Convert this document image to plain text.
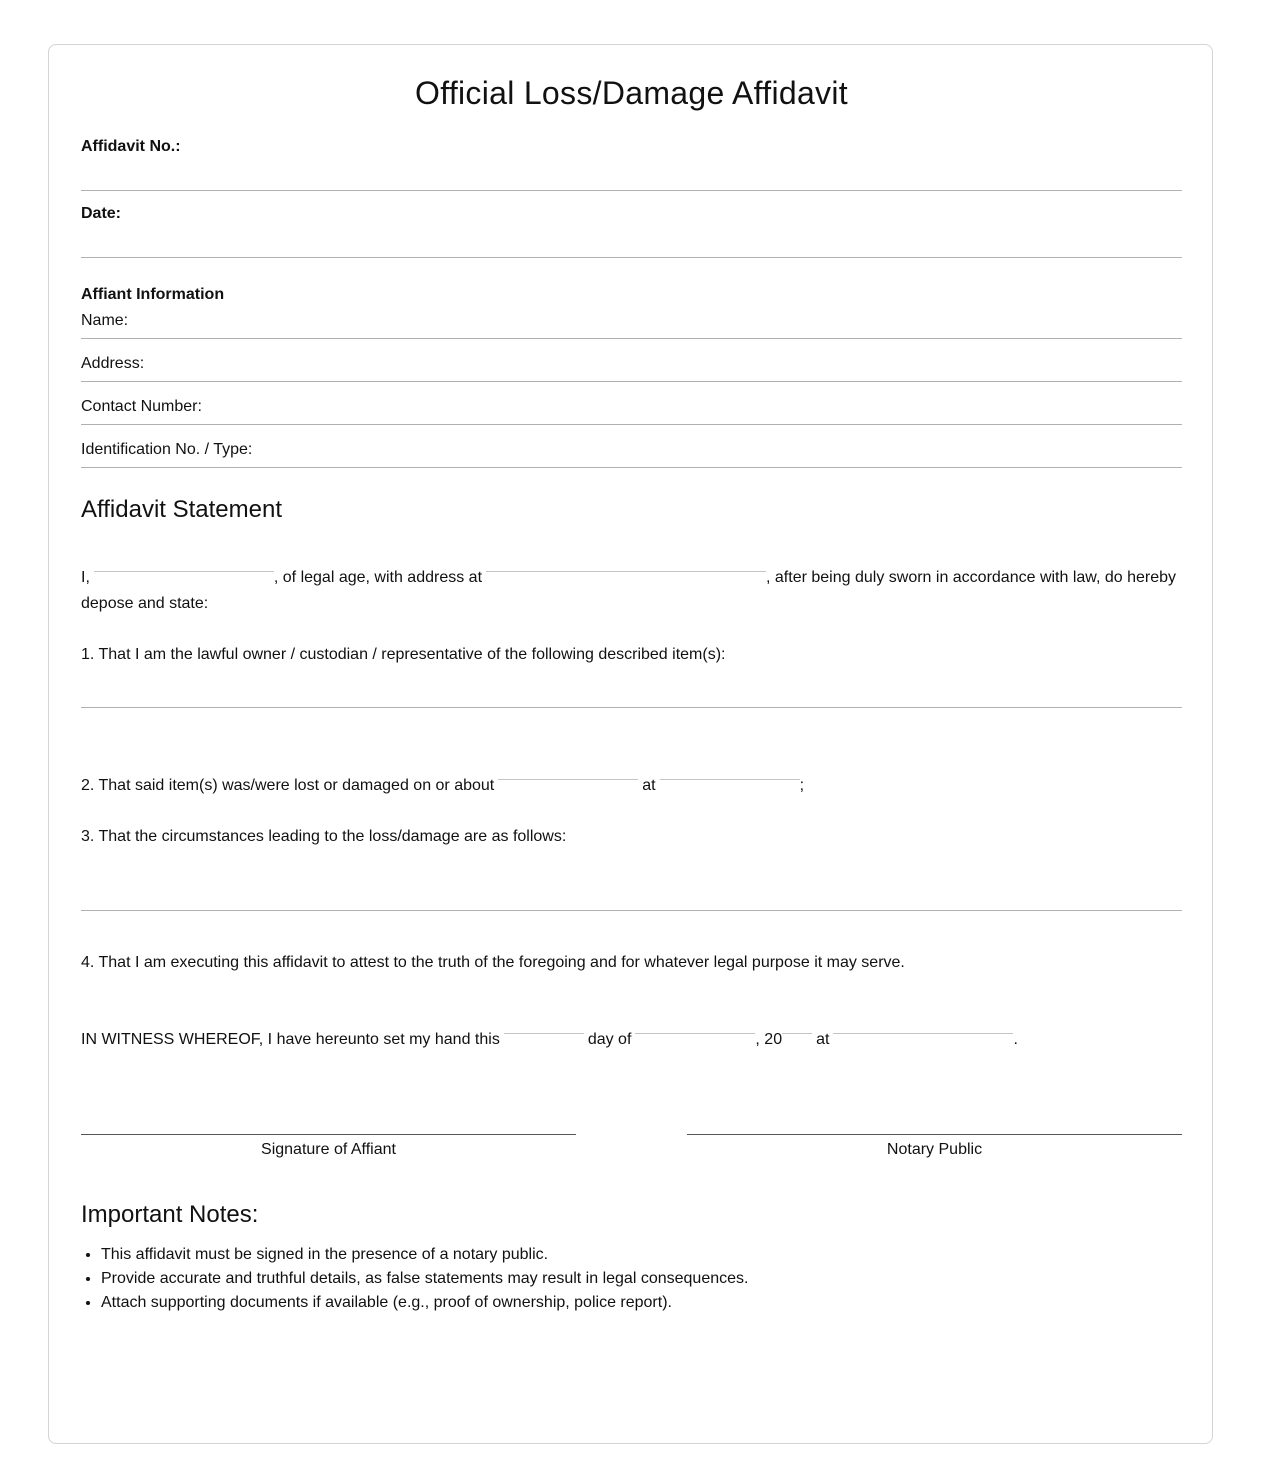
Official Loss/Damage Affidavit
Affidavit No.:
Date:
Affiant Information
Name:
Address:
Contact Number:
Identification No. / Type:
Affidavit Statement
I,	, of legal age, with address at	, after being duly sworn in accordance with law, do hereby
depose and state:
1. That I am the lawful owner / custodian / representative of the following described item(s):
2. That said item(s) was/were lost or damaged on or about	at	;
3. That the circumstances leading to the loss/damage are as follows:
4. That I am executing this affidavit to attest to the truth of the foregoing and for whatever legal purpose it may serve.
IN WITNESS WHEREOF, I have hereunto set my hand this	day of	, 20 at	.
Signature of Affiant	Notary Public
Important Notes:
• This affidavit must be signed in the presence of a notary public.
• Provide accurate and truthful details, as false statements may result in legal consequences.
• Attach supporting documents if available (e.g., proof of ownership, police report).
